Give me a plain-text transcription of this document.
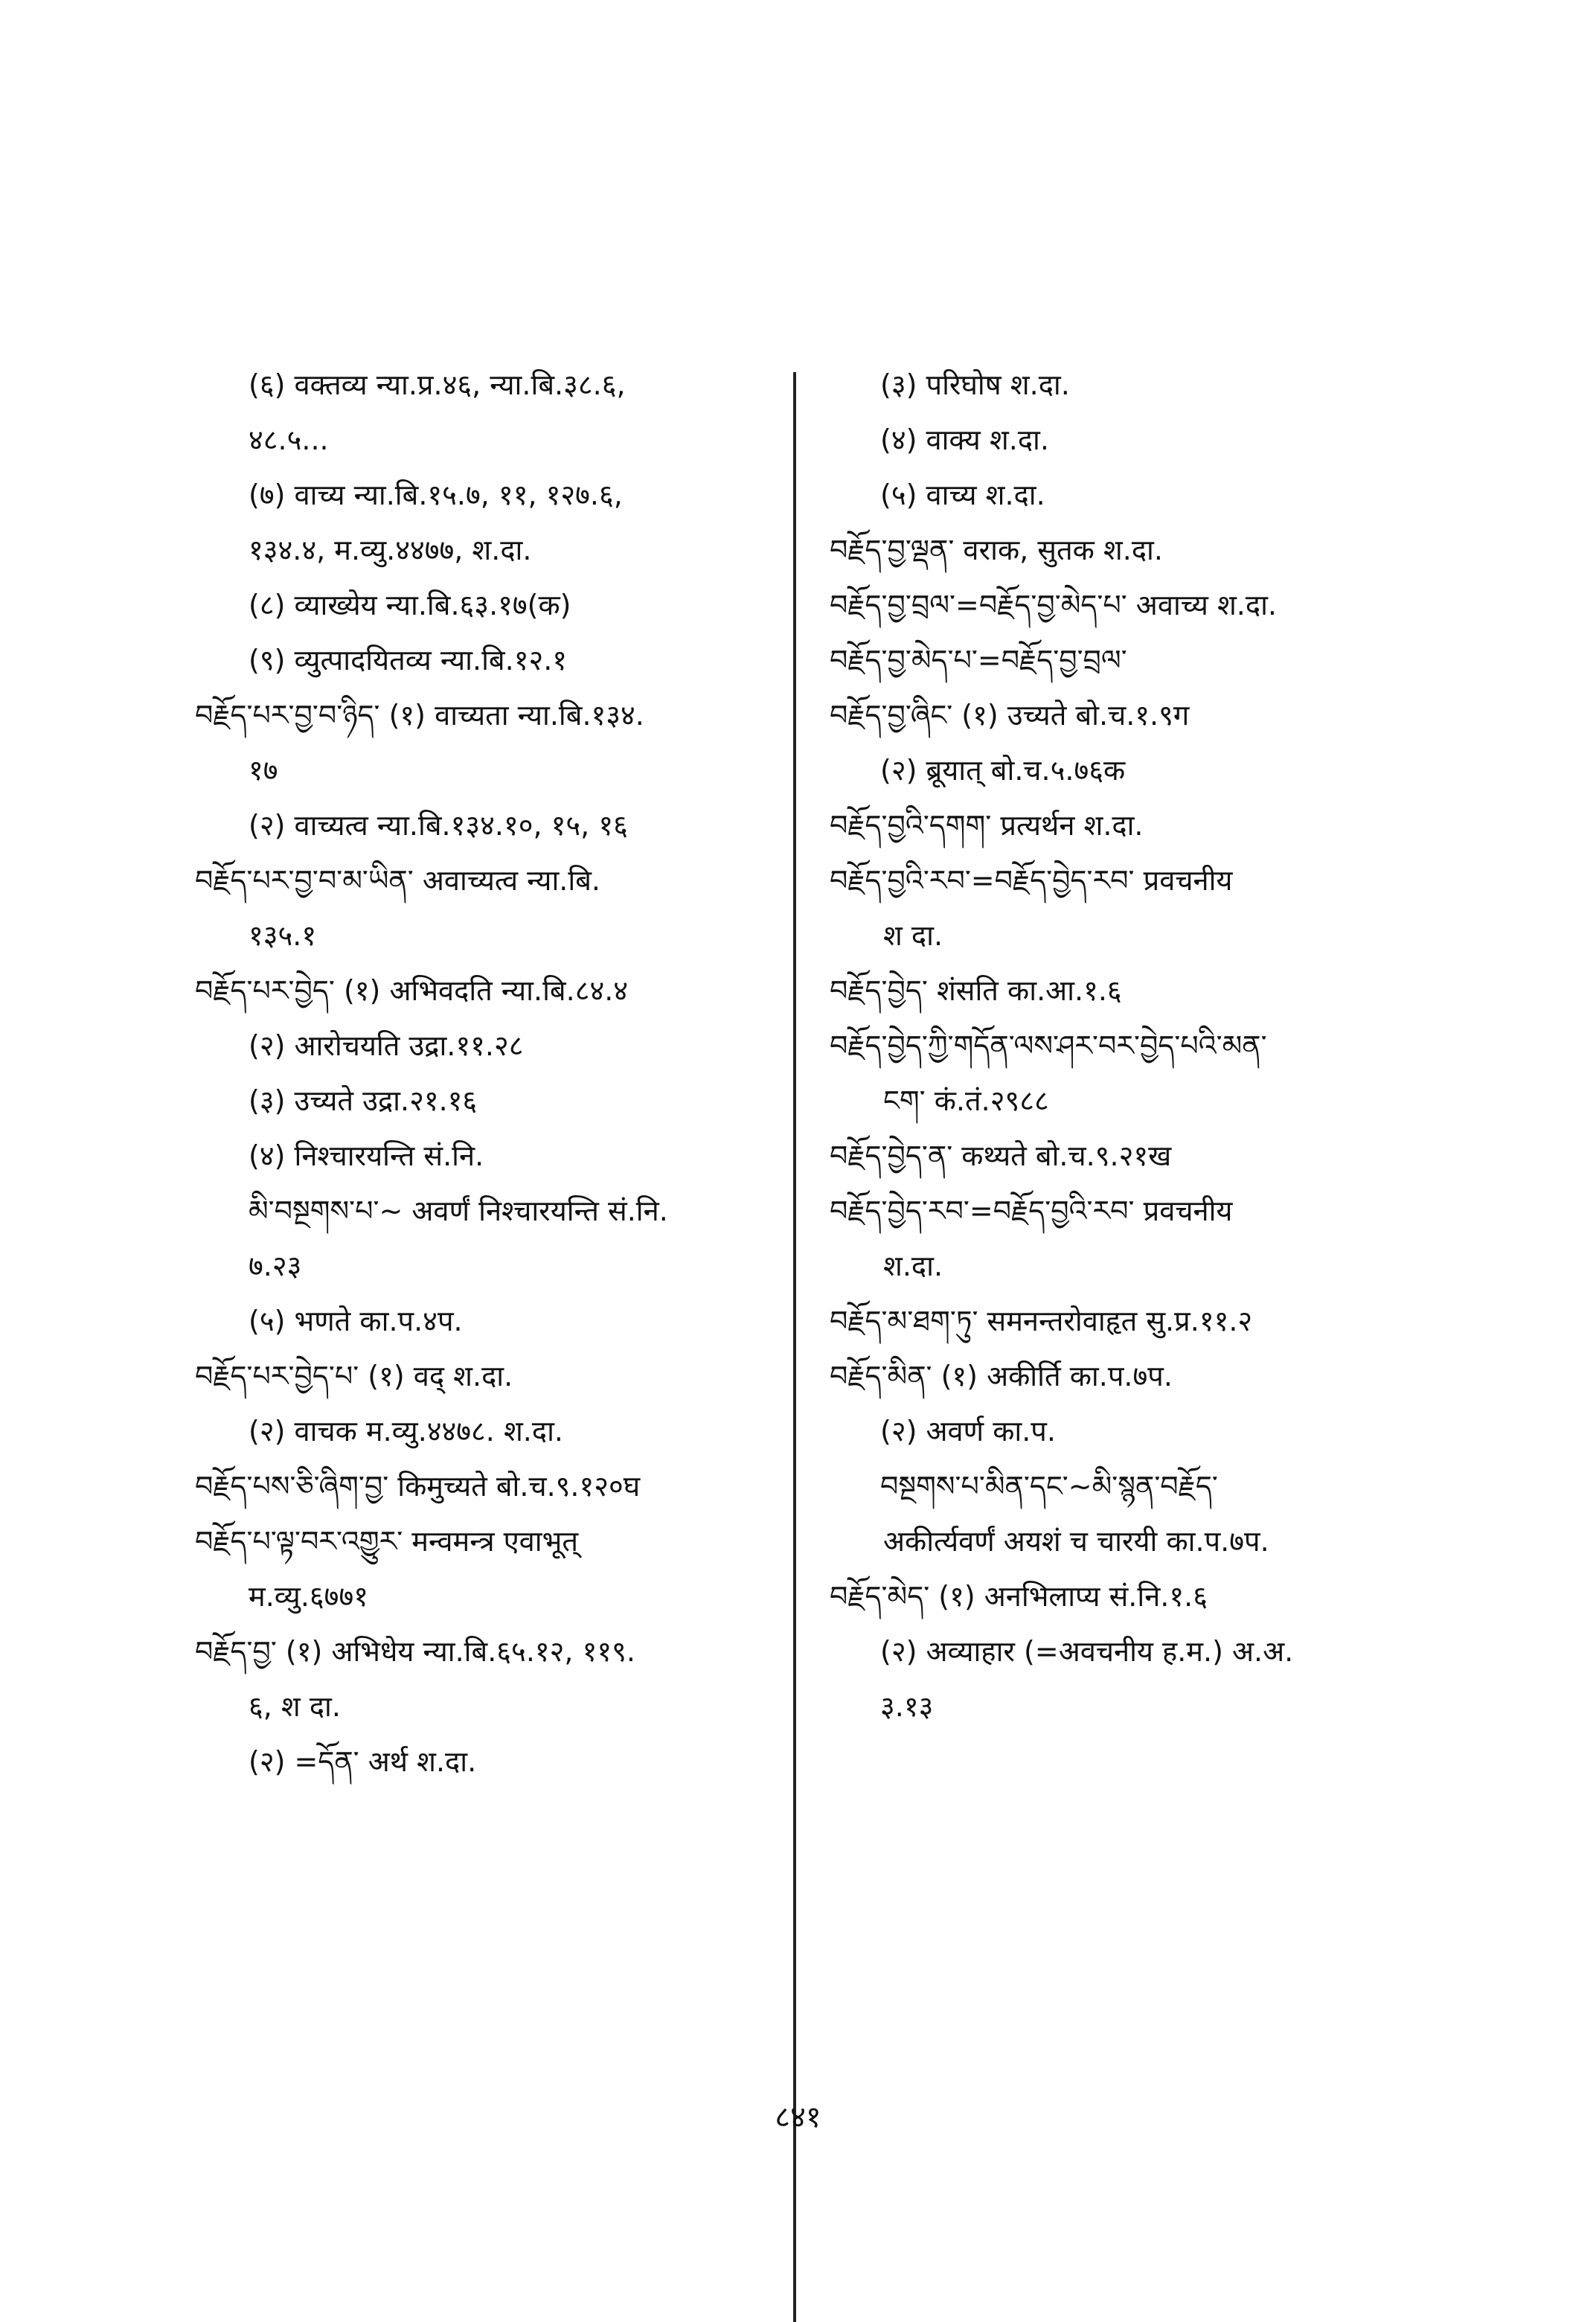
(६) वक्तव्य न्या.प्र.४६, न्या.बि.३८.६,
४८.५...
(७) वाच्य न्या.बि.१५.७, ११, १२७.६,
१३४.४, म.व्यु.४४७७, श.दा.
(८) व्याख्येय न्या.बि.६३.१७(क)
(९) व्युत्पादयितव्य न्या.बि.१२.१
བརྗོད་པར་བྱ་བ་ཉིད་ (१) वाच्यता न्या.बि.१३४.
१७
(२) वाच्यत्व न्या.बि.१३४.१०, १५, १६
བརྗོད་པར་བྱ་བ་མ་ཡིན་ अवाच्यत्व न्या.बि.
१३५.१
བརྗོད་པར་བྱེད་ (१) अभिवदति न्या.बि.८४.४
(२) आरोचयति उद्रा.११.२८
(३) उच्यते उद्रा.२१.१६
(४) निश्चारयन्ति सं.नि.
མི་བསྔགས་པ་~ अवर्णं निश्चारयन्ति सं.नि.
७.२३
(५) भणते का.प.४प.
བརྗོད་པར་བྱེད་པ་ (१) वद् श.दा.
(२) वाचक म.व्यु.४४७८. श.दा.
བརྗོད་པས་ཅི་ཞིག་བྱ་ किमुच्यते बो.च.९.१२०घ
བརྗོད་པ་ལྟ་བར་འགྱུར་ मन्वमन्त्र एवाभूत्
म.व्यु.६७७१
བརྗོད་བྱ་ (१) अभिधेय न्या.बि.६५.१२, ११९.
६, श दा.
(२) =དོན་ अर्थ श.दा.
(३) परिघोष श.दा.
(४) वाक्य श.दा.
(५) वाच्य श.दा.
བརྗོད་བྱ་ལྡན་ वराक, सुतक श.दा.
བརྗོད་བྱ་བྲལ་=བརྗོད་བྱ་མེད་པ་ अवाच्य श.दा.
བརྗོད་བྱ་མེད་པ་=བརྗོད་བྱ་བྲལ་
བརྗོད་བྱ་ཞིང་ (१) उच्यते बो.च.१.९ग
(२) ब्रूयात् बो.च.५.७६क
བརྗོད་བྱའི་དགག་ प्रत्यर्थन श.दा.
བརྗོད་བྱའི་རབ་=བརྗོད་བྱེད་རབ་ प्रवचनीय
श दा.
བརྗོད་བྱེད་ शंसति का.आ.१.६
བརྗོད་བྱེད་ཀྱི་གདོན་ལས་ཤར་བར་བྱེད་པའི་མན་
ངག་ कं.तं.२९८८
བརྗོད་བྱེད་ན་ कथ्यते बो.च.९.२१ख
བརྗོད་བྱེད་རབ་=བརྗོད་བྱའི་རབ་ प्रवचनीय
श.दा.
བརྗོད་མ་ཐག་ཏུ་ समनन्तरोवाहृत सु.प्र.११.२
བརྗོད་མིན་ (१) अकीर्ति का.प.७प.
(२) अवर्ण का.प.
བསྔགས་པ་མིན་དང་~མི་སྙན་བརྗོད་
अकीर्त्यवर्णं अयशं च चारयी का.प.७प.
བརྗོད་མེད་ (१) अनभिलाप्य सं.नि.१.६
(२) अव्याहार (=अवचनीय ह.म.) अ.अ.
३.१३
८४१
